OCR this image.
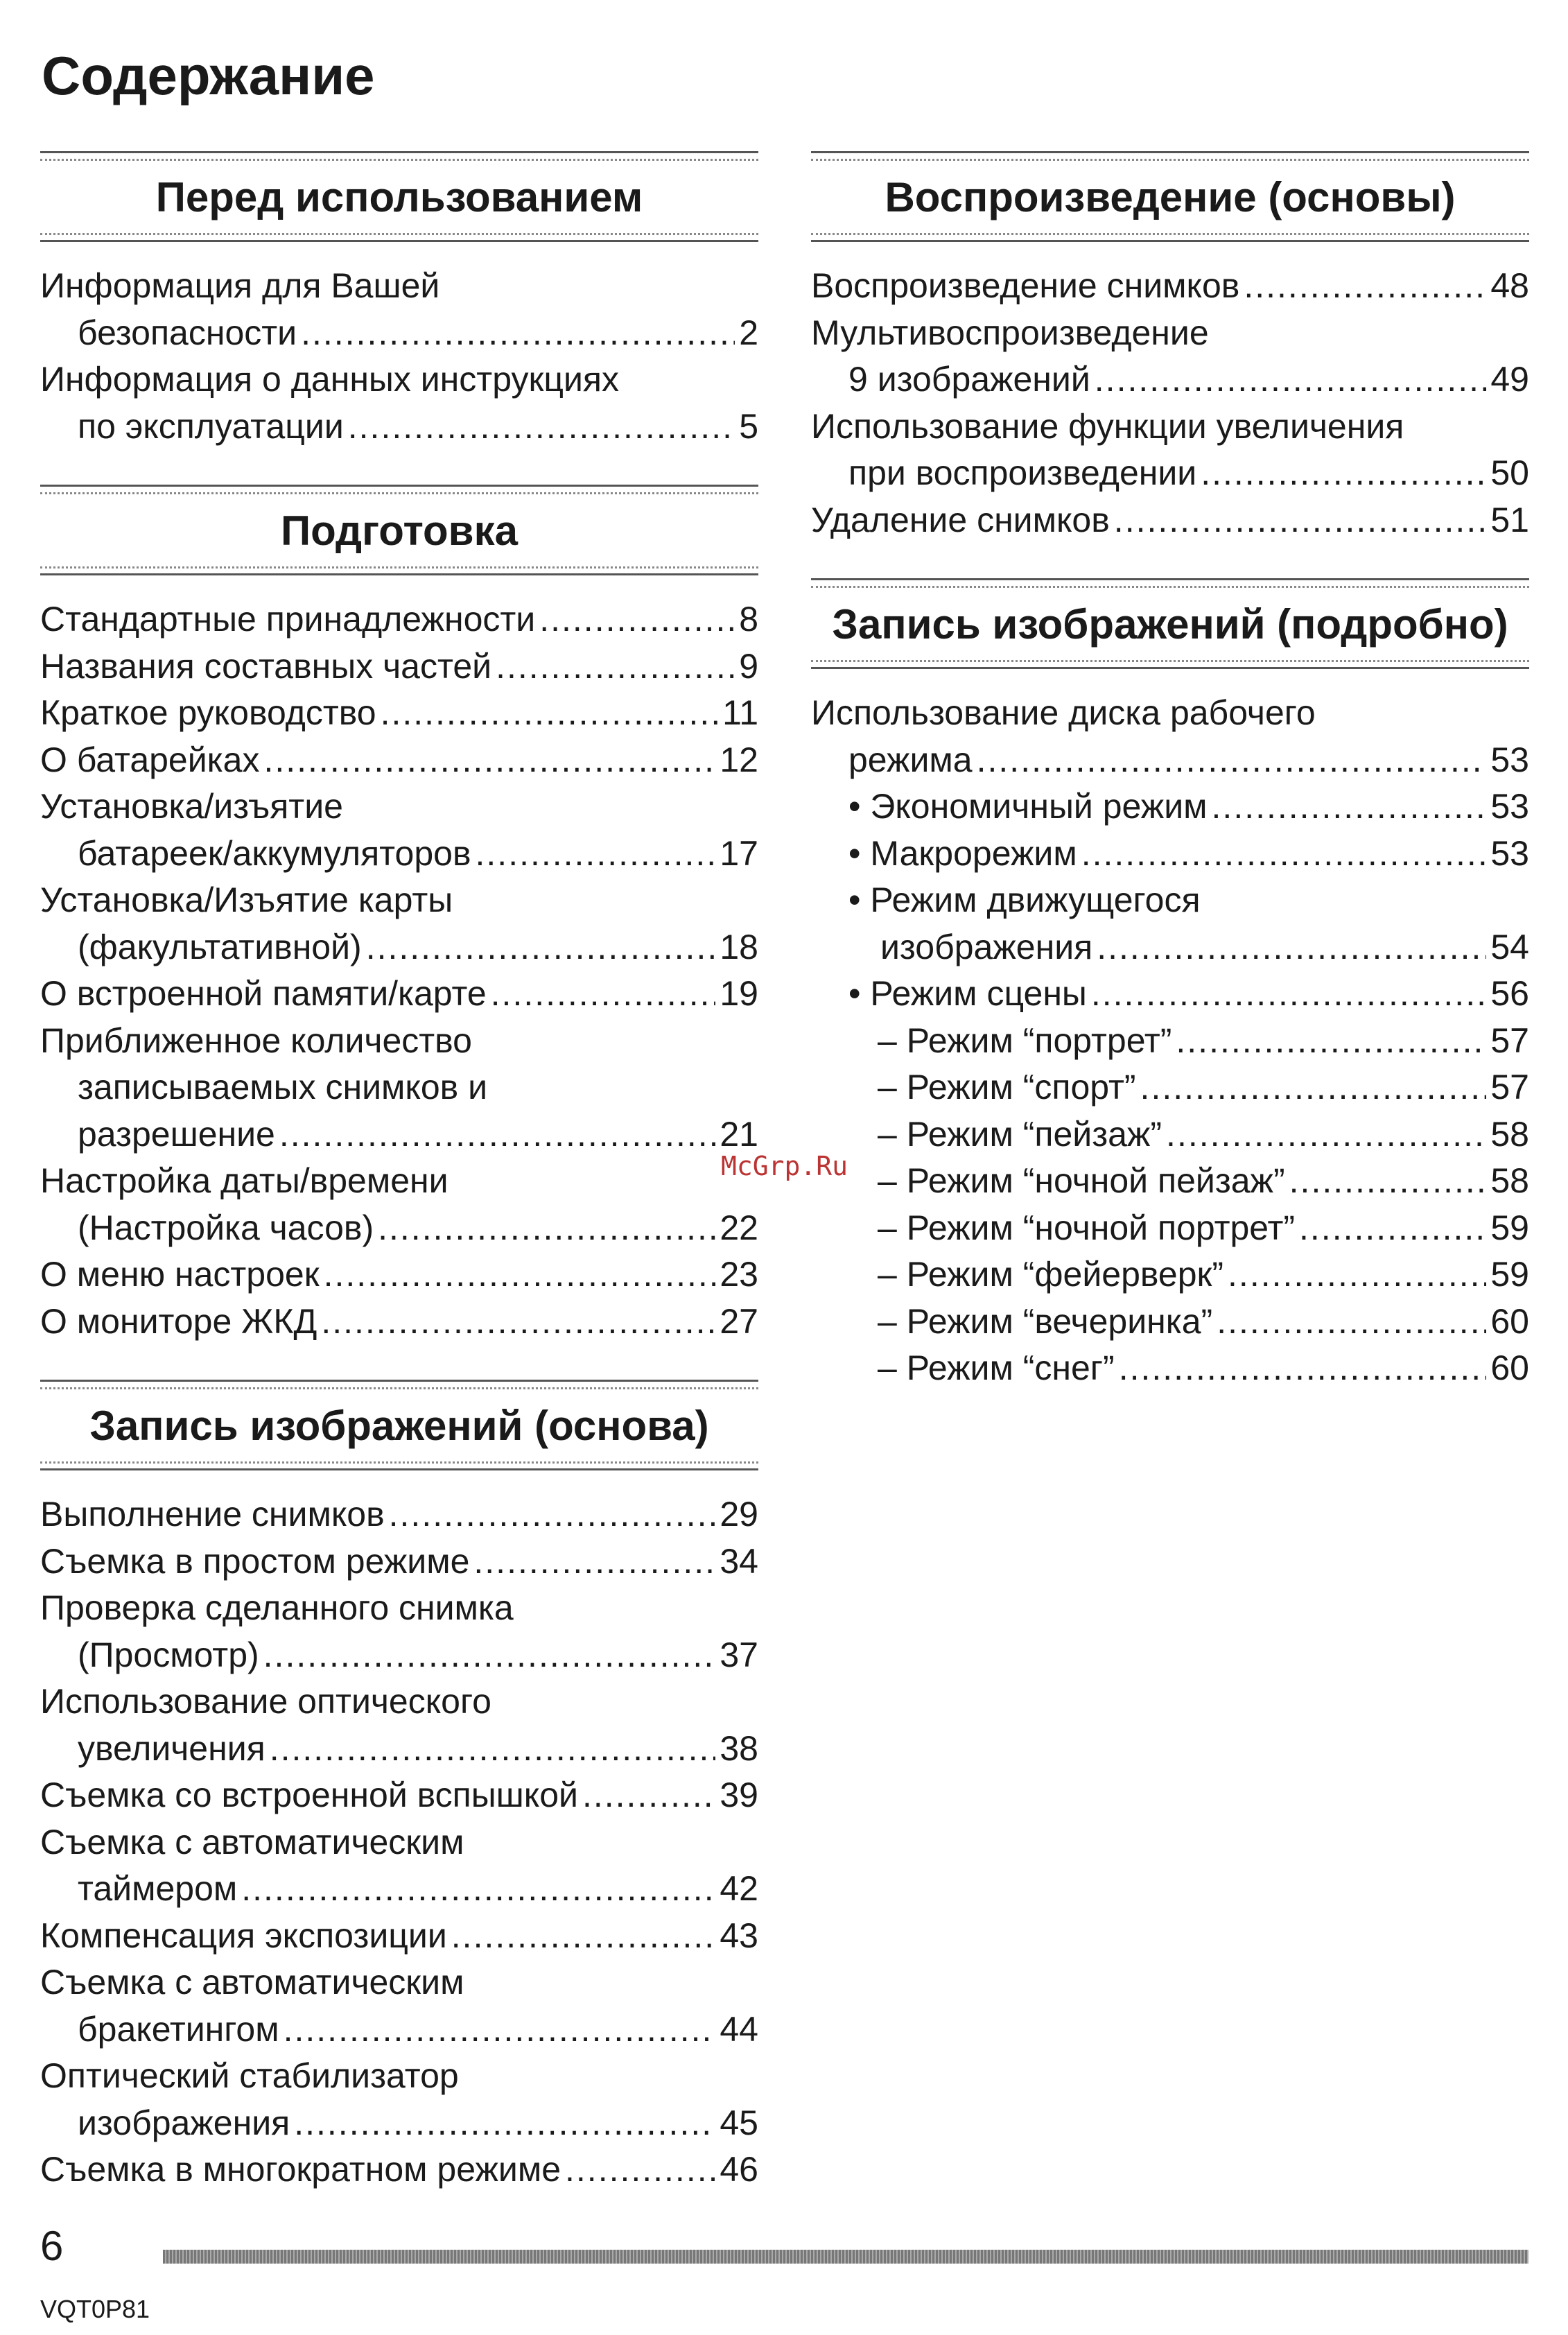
Содержание
Перед использованием
Информация для Вашей
безопасности .....	2
Информация о данных инструкциях
по эксплуатации .....	5
Подготовка
Стандартные принадлежности .....	8
Названия составных частей .....	9
Краткое руководство .....	11
О батарейках .....	12
Установка/изъятие
батареек/аккумуляторов .....	17
Установка/Изъятие карты
(факультативной) .....	18
О встроенной памяти/карте .....	19
Приближенное количество
записываемых снимков и
разрешение .....	21
Настройка даты/времени
(Настройка часов) .....	22
О меню настроек .....	23
О мониторе ЖКД .....	27
Запись изображений (основа)
Выполнение снимков .....	29
Съемка в простом режиме .....	34
Проверка сделанного снимка
(Просмотр) .....	37
Использование оптического
увеличения .....	38
Съемка со встроенной вспышкой .....	39
Съемка с автоматическим
таймером .....	42
Компенсация экспозиции .....	43
Съемка с автоматическим
бракетингом .....	44
Оптический стабилизатор
изображения .....	45
Съемка в многократном режиме .....	46
Воспроизведение (основы)
Воспроизведение снимков .....	48
Мультивоспроизведение
9 изображений .....	49
Использование функции увеличения
при воспроизведении .....	50
Удаление снимков .....	51
Запись изображений (подробно)
Использование диска рабочего
режима .....	53
• Экономичный режим .....	53
• Макрорежим .....	53
• Режим движущегося
изображения .....	54
• Режим сцены .....	56
– Режим “портрет” .....	57
– Режим “спорт” .....	57
– Режим “пейзаж” .....	58
– Режим “ночной пейзаж” .....	58
– Режим “ночной портрет” .....	59
– Режим “фейерверк” .....	59
– Режим “вечеринка” .....	60
– Режим “снег” .....	60
McGrp.Ru
6
VQT0P81
